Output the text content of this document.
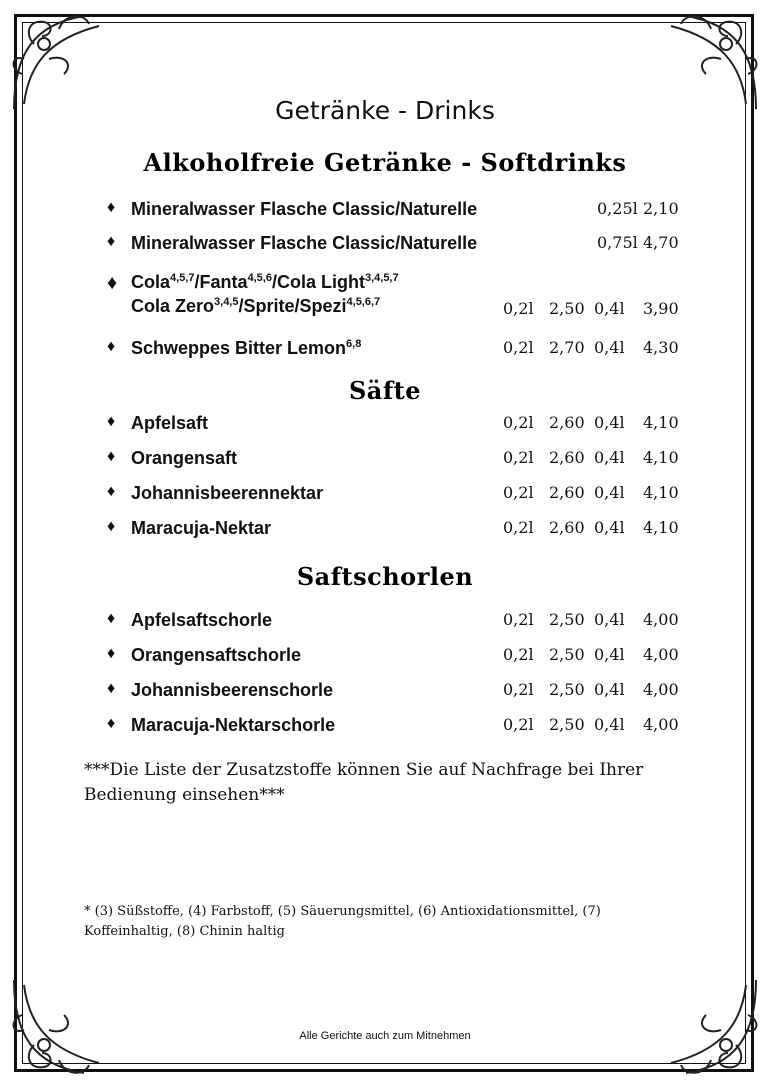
Getränke - Drinks
Alkoholfreie Getränke - Softdrinks
♦ Mineralwasser Flasche Classic/Naturelle	0,25l 2,10
♦ Mineralwasser Flasche Classic/Naturelle	0,75l 4,70
♦ Cola$^{4,5,7}$/Fanta$^{4,5,6}$/Cola Light$^{3,4,5,7}$
Cola Zero$^{3,4,5}$/Sprite/Spezi$^{4,5,6,7}$	0,2l 2,50 0,4l 3,90
♦ Schweppes Bitter Lemon$^{6,8}$	0,2l 2,70 0,4l 4,30
Säfte
♦ Apfelsaft	0,2l 2,60 0,4l 4,10
♦ Orangensaft	0,2l 2,60 0,4l 4,10
♦ Johannisbeerennektar	0,2l 2,60 0,4l 4,10
♦ Maracuja-Nektar	0,2l 2,60 0,4l 4,10
Saftschorlen
♦ Apfelsaftschorle	0,2l 2,50 0,4l 4,00
♦ Orangensaftschorle	0,2l 2,50 0,4l 4,00
♦ Johannisbeerenschorle	0,2l 2,50 0,4l 4,00
♦ Maracuja-Nektarschorle	0,2l 2,50 0,4l 4,00
***Die Liste der Zusatzstoffe können Sie auf Nachfrage bei Ihrer Bedienung einsehen***
* (3) Süßstoffe, (4) Farbstoff, (5) Säuerungsmittel, (6) Antioxidationsmittel, (7) Koffeinhaltig, (8) Chinin haltig
Alle Gerichte auch zum Mitnehmen
